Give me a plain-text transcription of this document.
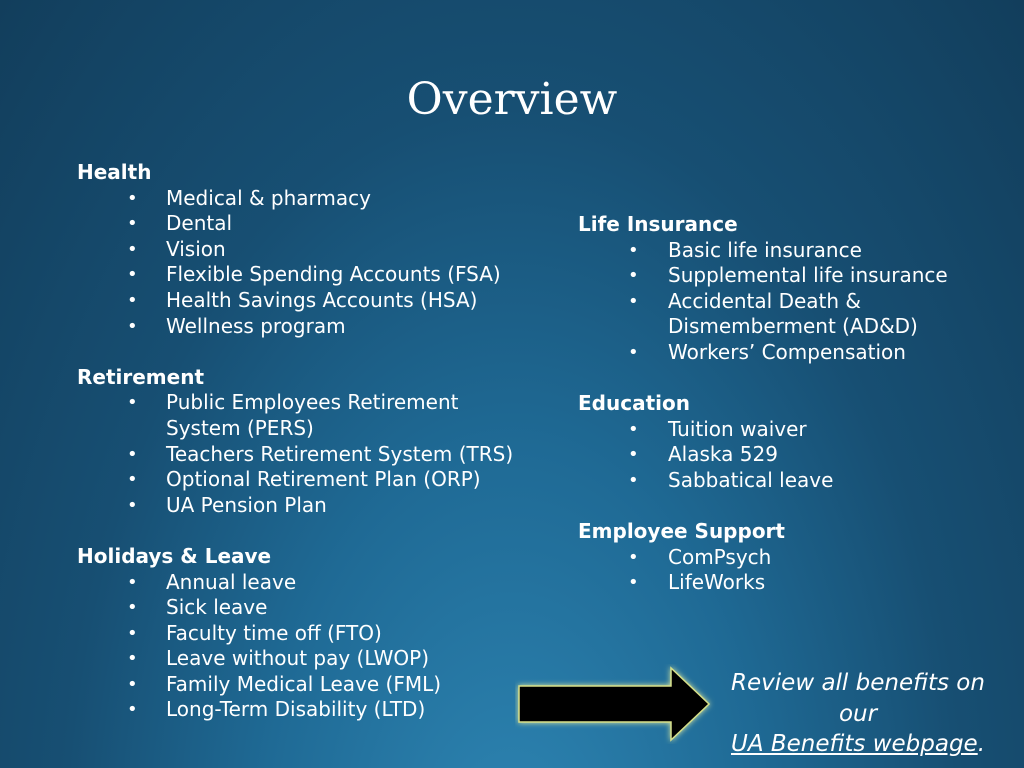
Overview

Health

• Medical & pharmacy
• Dental
• Vision
• Flexible Spending Accounts (FSA)
• Health Savings Accounts (HSA)
• Wellness program

Retirement

• Public Employees Retirement System (PERS)
• Teachers Retirement System (TRS)
• Optional Retirement Plan (ORP)
• UA Pension Plan

Holidays & Leave

• Annual leave
• Sick leave
• Faculty time off (FTO)
• Leave without pay (LWOP)
• Family Medical Leave (FML)
• Long-Term Disability (LTD)

Life Insurance

• Basic life insurance
• Supplemental life insurance
• Accidental Death & Dismemberment (AD&D)
• Workers’ Compensation

Education

• Tuition waiver
• Alaska 529
• Sabbatical leave

Employee Support

• ComPsych
• LifeWorks
Review all benefits on our
UA Benefits webpage.
